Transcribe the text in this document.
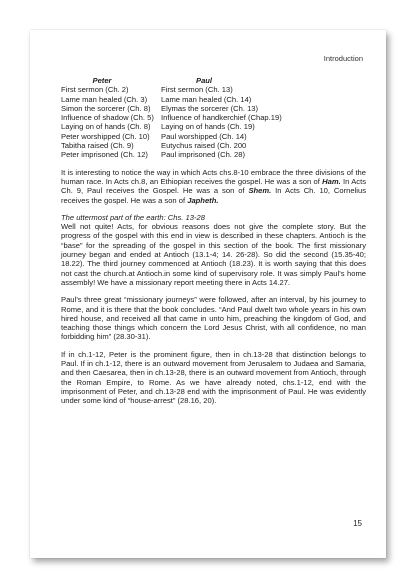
Introduction
Peter	Paul
First sermon (Ch. 2)	First sermon (Ch. 13)
Lame man healed (Ch. 3)	Lame man healed (Ch. 14)
Simon the sorcerer (Ch. 8)	Elymas the sorcerer (Ch. 13)
Influence of shadow (Ch. 5) Influence of handkerchief (Chap.19)
Laying on of hands (Ch. 8)	Laying on of hands (Ch. 19)
Peter worshipped (Ch. 10)	Paul worshipped (Ch. 14)
Tabitha raised (Ch. 9)	Eutychus raised (Ch. 200
Peter imprisoned (Ch. 12)	Paul imprisoned (Ch. 28)

It is interesting to notice the way in which Acts chs.8-10 embrace the three divisions of the human race. In Acts ch.8, an Ethiopian receives the gospel. He was a son of Ham. In Acts Ch. 9, Paul receives the Gospel. He was a son of Shem. In Acts Ch. 10, Cornelius receives the gospel. He was a son of Japheth.

The uttermost part of the earth: Chs. 13-28

Well not quite! Acts, for obvious reasons does not give the complete story. But the progress of the gospel with this end in view is described in these chapters. Antioch is the “base” for the spreading of the gospel in this section of the book. The first missionary journey began and ended at Antioch (13.1-4; 14. 26-28). So did the second (15.35-40; 18.22). The third journey commenced at Antioch (18.23). It is worth saying that this does not cast the church.at Antioch.in some kind of supervisory role. It was simply Paul’s home assembly! We have a missionary report meeting there in Acts 14.27.

Paul’s three great “missionary journeys” were followed, after an interval, by his journey to Rome, and it is there that the book concludes. “And Paul dwelt two whole years in his own hired house, and received all that came in unto him, preaching the kingdom of God, and teaching those things which concern the Lord Jesus Christ, with all confidence, no man forbidding him” (28.30-31).

If in ch.1-12, Peter is the prominent figure, then in ch.13-28 that distinction belongs to Paul. If in ch.1-12, there is an outward movement from Jerusalem to Judaea and Samaria, and then Caesarea, then in ch.13-28, there is an outward movement from Antioch, through the Roman Empire, to Rome. As we have already noted, chs.1-12, end with the imprisonment of Peter, and ch.13-28 end with the imprisonment of Paul. He was evidently under some kind of “house-arrest” (28.16, 20).

15
